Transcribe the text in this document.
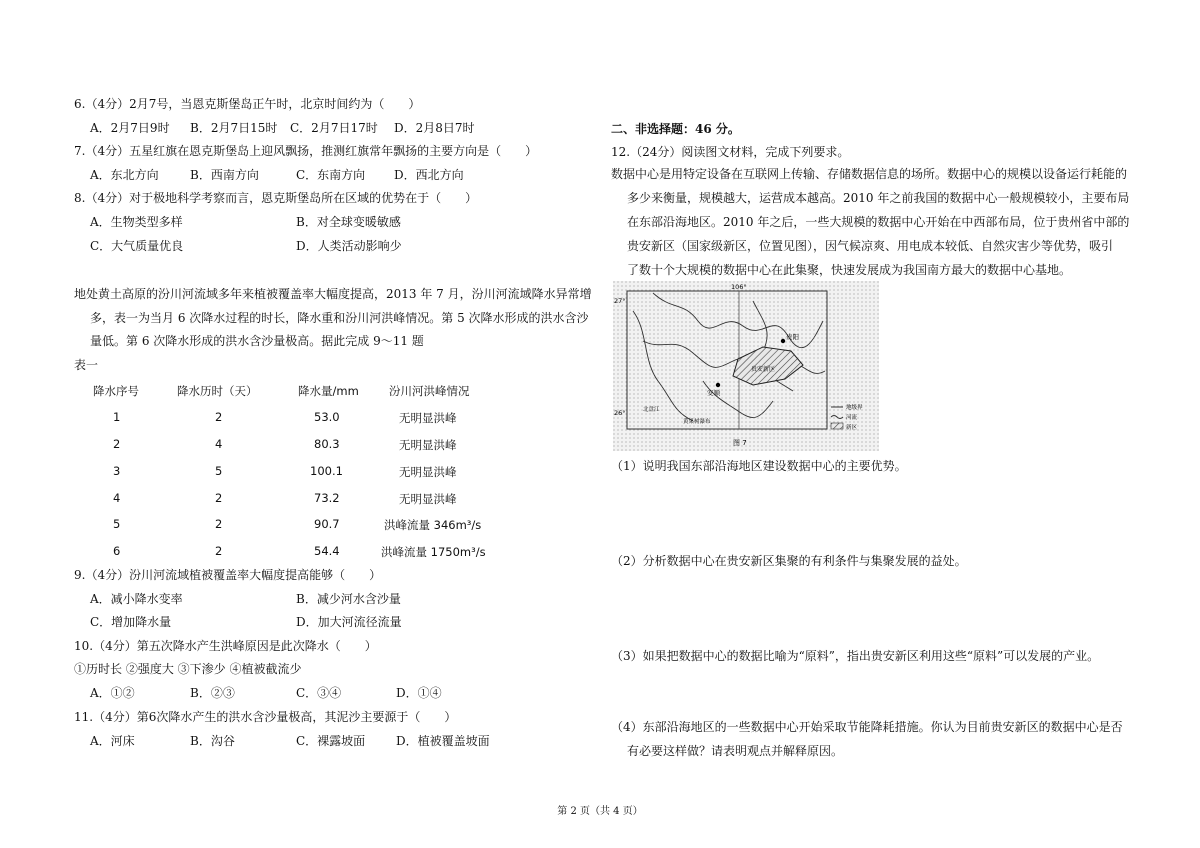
6.（4分）2月7号，当恩克斯堡岛正午时，北京时间约为（　　）
A．2月7日9时 B．2月7日15时 C．2月7日17时 D．2月8日7时
7.（4分）五星红旗在恩克斯堡岛上迎风飘扬，推测红旗常年飘扬的主要方向是（　　）
A．东北方向	B．西南方向	C．东南方向 D．西北方向
8.（4分）对于极地科学考察而言，恩克斯堡岛所在区域的优势在于（　　）
A．生物类型多样	B．对全球变暖敏感
C．大气质量优良	D．人类活动影响少
地处黄土高原的汾川河流域多年来植被覆盖率大幅度提高，2013 年 7 月，汾川河流域降水异常增
多，表一为当月 6 次降水过程的时长，降水重和汾川河洪峰情况。第 5 次降水形成的洪水含沙
量低。第 6 次降水形成的洪水含沙量极高。据此完成 9～11 题
表一
降水序号	降水历时（天）	降水量/mm	汾川河洪峰情况

1	2	53.0	无明显洪峰

2	4	80.3	无明显洪峰

3	5	100.1	无明显洪峰

4	2	73.2	无明显洪峰

5	2	90.7	洪峰流量 346m³/s

6	2	54.4	洪峰流量 1750m³/s
9.（4分）汾川河流域植被覆盖率大幅度提高能够（　　）
A．减小降水变率	B．减少河水含沙量
C．增加降水量	D．加大河流径流量
10.（4分）第五次降水产生洪峰原因是此次降水（　　）
①历时长 ②强度大 ③下渗少 ④植被截流少
A．①②	B．②③	C．③④	D．①④
11.（4分）第6次降水产生的洪水含沙量极高，其泥沙主要源于（　　）
A．河床	B．沟谷	C．裸露坡面	D．植被覆盖坡面
二、非选择题：46 分。
12.（24分）阅读图文材料，完成下列要求。
数据中心是用特定设备在互联网上传输、存储数据信息的场所。数据中心的规模以设备运行耗能的
多少来衡量，规模越大，运营成本越高。2010 年之前我国的数据中心一般规模较小，主要布局
在东部沿海地区。2010 年之后，一些大规模的数据中心开始在中西部布局，位于贵州省中部的
贵安新区（国家级新区，位置见图），因气候凉爽、用电成本较低、自然灾害少等优势，吸引
了数十个大规模的数据中心在此集聚，快速发展成为我国南方最大的数据中心基地。
贵阳
安顺
贵安新区
黄果树瀑布
北盘江
106°
27°
26°
图 7
地级界
河流
新区
（1）说明我国东部沿海地区建设数据中心的主要优势。
（2）分析数据中心在贵安新区集聚的有利条件与集聚发展的益处。
（3）如果把数据中心的数据比喻为“原料”，指出贵安新区利用这些“原料”可以发展的产业。
（4）东部沿海地区的一些数据中心开始采取节能降耗措施。你认为目前贵安新区的数据中心是否
有必要这样做？请表明观点并解释原因。
第 2 页（共 4 页）
